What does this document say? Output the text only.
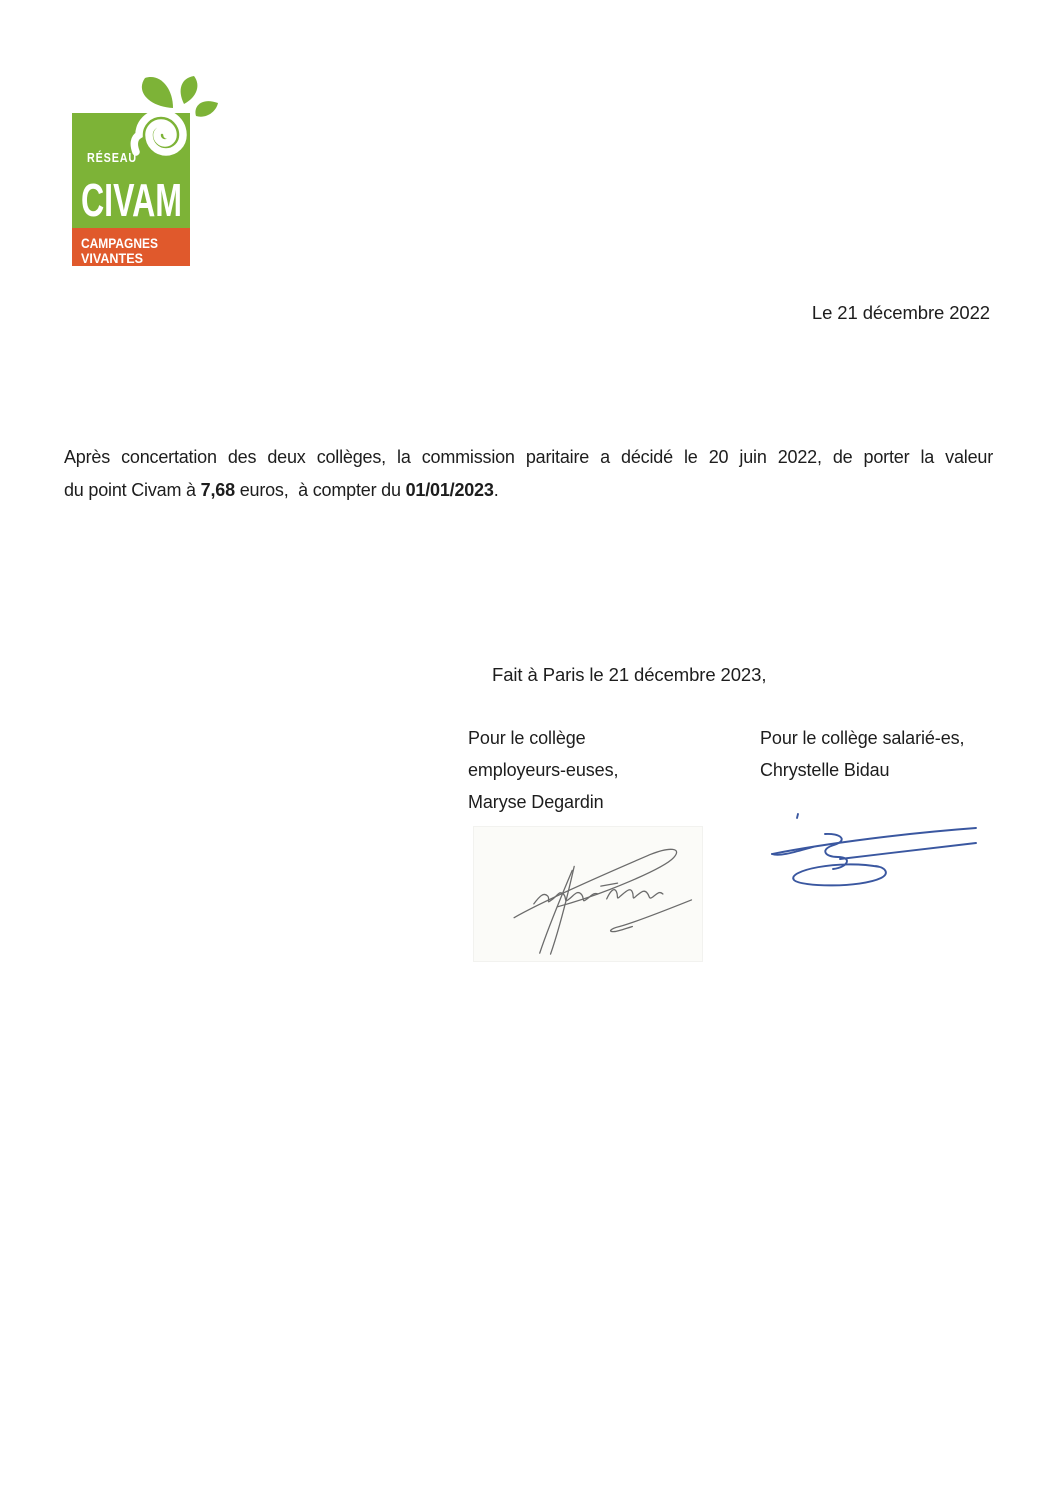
RÉSEAU
CIVAM
CAMPAGNES
VIVANTES
Le 21 décembre 2022
Après concertation des deux collèges, la commission paritaire a décidé le 20 juin 2022, de porter la valeur
du point Civam à 7,68 euros,  à compter du 01/01/2023.
Fait à Paris le 21 décembre 2023,
Pour le collège
employeurs-euses,
Maryse Degardin
Pour le collège salarié-es,
Chrystelle Bidau
